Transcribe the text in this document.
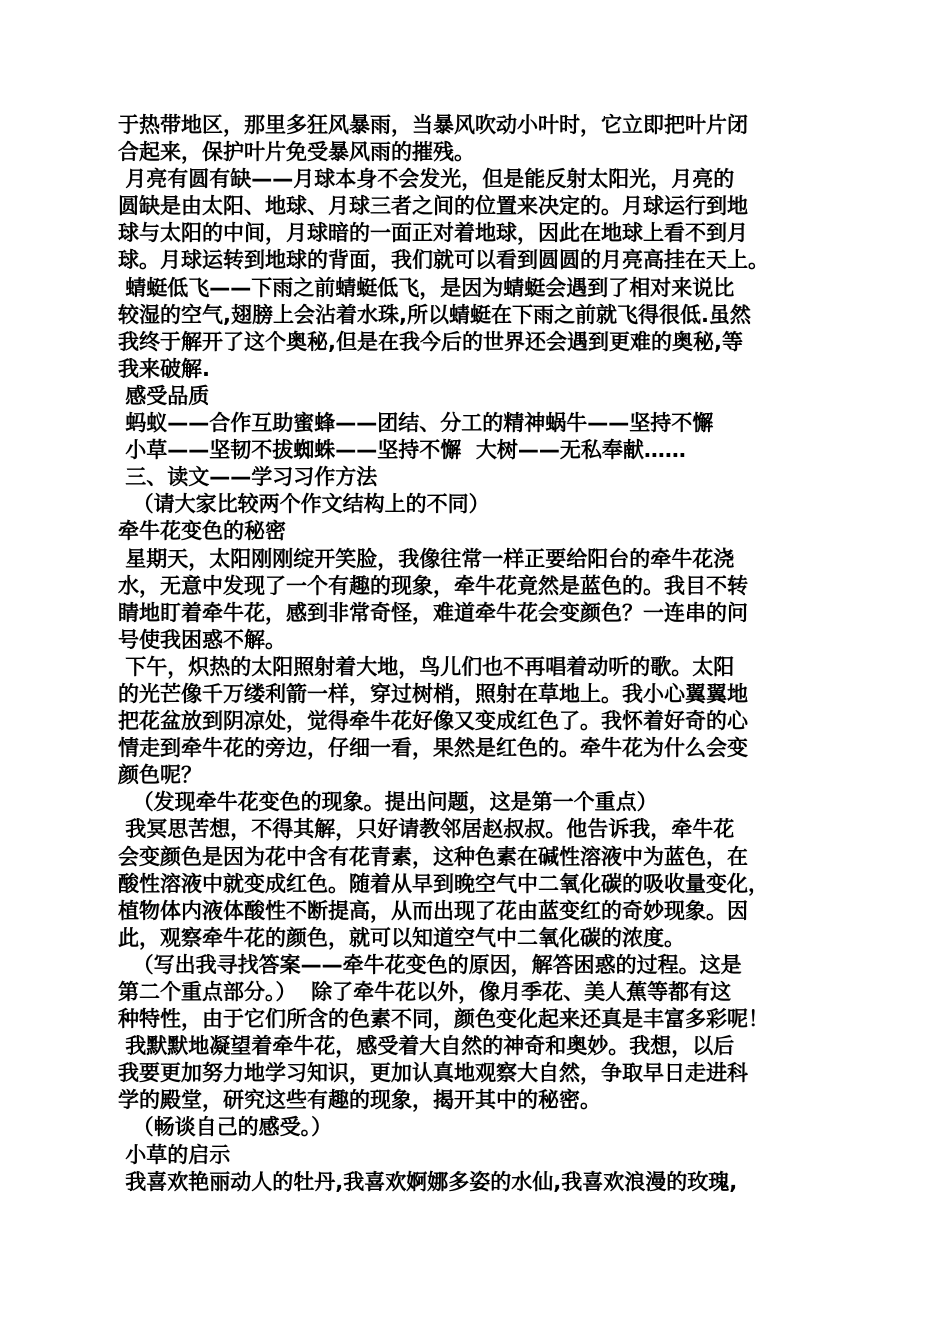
于热带地区，那里多狂风暴雨，当暴风吹动小叶时，它立即把叶片闭
合起来，保护叶片免受暴风雨的摧残。
月亮有圆有缺——月球本身不会发光，但是能反射太阳光，月亮的
圆缺是由太阳、地球、月球三者之间的位置来决定的。月球运行到地
球与太阳的中间，月球暗的一面正对着地球，因此在地球上看不到月
球。月球运转到地球的背面，我们就可以看到圆圆的月亮高挂在天上。
蜻蜓低飞——下雨之前蜻蜓低飞，是因为蜻蜓会遇到了相对来说比
较湿的空气,翅膀上会沾着水珠,所以蜻蜓在下雨之前就飞得很低.虽然
我终于解开了这个奥秘,但是在我今后的世界还会遇到更难的奥秘,等
我来破解.
感受品质
蚂蚁——合作互助蜜蜂——团结、分工的精神蜗牛——坚持不懈
小草——坚韧不拔蜘蛛——坚持不懈  大树——无私奉献……
三、读文——学习习作方法
（请大家比较两个作文结构上的不同）
牵牛花变色的秘密
星期天，太阳刚刚绽开笑脸，我像往常一样正要给阳台的牵牛花浇
水，无意中发现了一个有趣的现象，牵牛花竟然是蓝色的。我目不转
睛地盯着牵牛花，感到非常奇怪，难道牵牛花会变颜色？一连串的问
号使我困惑不解。
下午，炽热的太阳照射着大地，鸟儿们也不再唱着动听的歌。太阳
的光芒像千万缕利箭一样，穿过树梢，照射在草地上。我小心翼翼地
把花盆放到阴凉处，觉得牵牛花好像又变成红色了。我怀着好奇的心
情走到牵牛花的旁边，仔细一看，果然是红色的。牵牛花为什么会变
颜色呢？
（发现牵牛花变色的现象。提出问题，这是第一个重点）
我冥思苦想，不得其解，只好请教邻居赵叔叔。他告诉我，牵牛花
会变颜色是因为花中含有花青素，这种色素在碱性溶液中为蓝色，在
酸性溶液中就变成红色。随着从早到晚空气中二氧化碳的吸收量变化，
植物体内液体酸性不断提高，从而出现了花由蓝变红的奇妙现象。因
此，观察牵牛花的颜色，就可以知道空气中二氧化碳的浓度。
（写出我寻找答案——牵牛花变色的原因，解答困惑的过程。这是
第二个重点部分。）  除了牵牛花以外，像月季花、美人蕉等都有这
种特性，由于它们所含的色素不同，颜色变化起来还真是丰富多彩呢！
我默默地凝望着牵牛花，感受着大自然的神奇和奥妙。我想，以后
我要更加努力地学习知识，更加认真地观察大自然，争取早日走进科
学的殿堂，研究这些有趣的现象，揭开其中的秘密。
（畅谈自己的感受。）
小草的启示
我喜欢艳丽动人的牡丹,我喜欢婀娜多姿的水仙,我喜欢浪漫的玫瑰,
